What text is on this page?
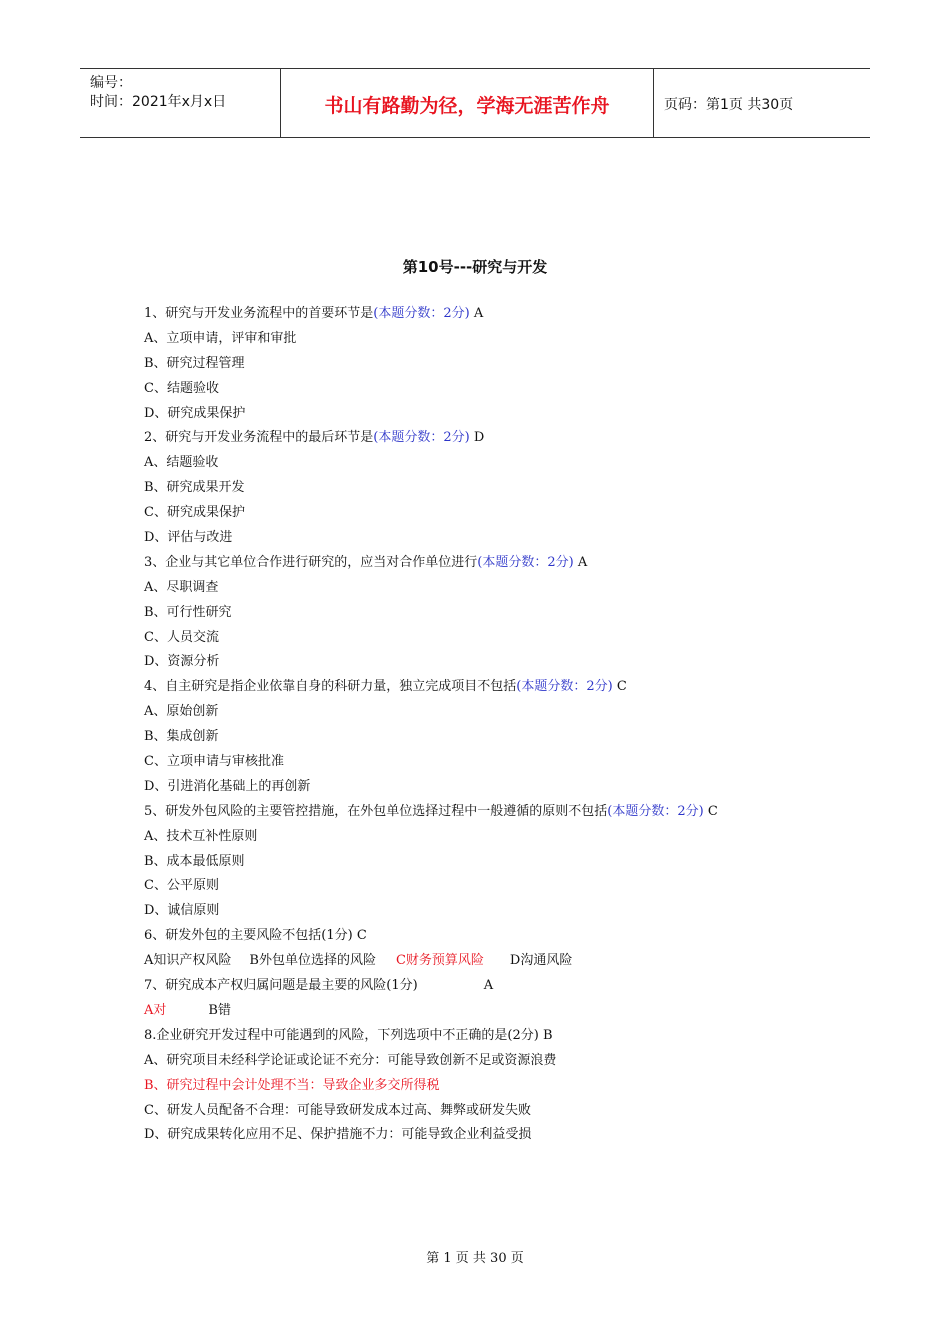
编号：
时间：2021年x月x日	书山有路勤为径，学海无涯苦作舟	页码：第1页 共30页
第10号---研究与开发
1、研究与开发业务流程中的首要环节是(本题分数：2分) A
A、立项申请，评审和审批
B、研究过程管理
C、结题验收
D、研究成果保护
2、研究与开发业务流程中的最后环节是(本题分数：2分) D
A、结题验收
B、研究成果开发
C、研究成果保护
D、评估与改进
3、企业与其它单位合作进行研究的，应当对合作单位进行(本题分数：2分) A
A、尽职调查
B、可行性研究
C、人员交流
D、资源分析
4、自主研究是指企业依靠自身的科研力量，独立完成项目不包括(本题分数：2分) C
A、原始创新
B、集成创新
C、立项申请与审核批准
D、引进消化基础上的再创新
5、研发外包风险的主要管控措施，在外包单位选择过程中一般遵循的原则不包括(本题分数：2分) C
A、技术互补性原则
B、成本最低原则
C、公平原则
D、诚信原则
6、研发外包的主要风险不包括(1分) C
A知识产权风险 B外包单位选择的风险 C财务预算风险 D沟通风险
7、研究成本产权归属问题是最主要的风险(1分)	A
A对	B错
8.企业研究开发过程中可能遇到的风险，下列选项中不正确的是(2分) B
A、研究项目未经科学论证或论证不充分：可能导致创新不足或资源浪费
B、研究过程中会计处理不当：导致企业多交所得税
C、研发人员配备不合理：可能导致研发成本过高、舞弊或研发失败
D、研究成果转化应用不足、保护措施不力：可能导致企业利益受损
第 1 页 共 30 页
